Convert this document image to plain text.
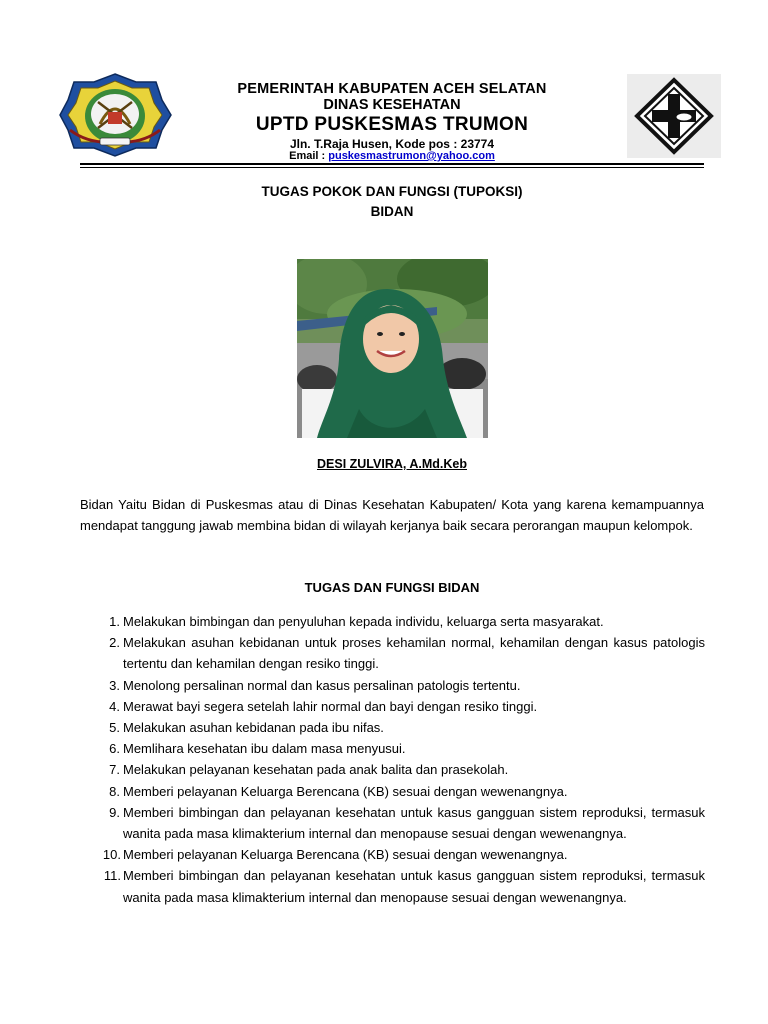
PEMERINTAH KABUPATEN ACEH SELATAN
DINAS KESEHATAN
UPTD PUSKESMAS TRUMON
Jln. T.Raja Husen, Kode pos : 23774
Email : puskesmastrumon@yahoo.com
TUGAS POKOK DAN FUNGSI (TUPOKSI)
BIDAN
DESI ZULVIRA, A.Md.Keb
Bidan Yaitu Bidan di Puskesmas atau di Dinas Kesehatan Kabupaten/ Kota yang karena kemampuannya mendapat tanggung jawab membina bidan di wilayah kerjanya baik secara perorangan maupun kelompok.
TUGAS DAN FUNGSI BIDAN
1. Melakukan bimbingan dan penyuluhan kepada individu, keluarga serta masyarakat.
2. Melakukan asuhan kebidanan untuk proses kehamilan normal, kehamilan dengan kasus patologis tertentu dan kehamilan dengan resiko tinggi.
3. Menolong persalinan normal dan kasus persalinan patologis tertentu.
4. Merawat bayi segera setelah lahir normal dan bayi dengan resiko tinggi.
5. Melakukan asuhan kebidanan pada ibu nifas.
6. Memlihara kesehatan ibu dalam masa menyusui.
7. Melakukan pelayanan kesehatan pada anak balita dan prasekolah.
8. Memberi pelayanan Keluarga Berencana (KB) sesuai dengan wewenangnya.
9. Memberi bimbingan dan pelayanan kesehatan untuk kasus gangguan sistem reproduksi, termasuk wanita pada masa klimakterium internal dan menopause sesuai dengan wewenangnya.
10. Memberi pelayanan Keluarga Berencana (KB) sesuai dengan wewenangnya.
11. Memberi bimbingan dan pelayanan kesehatan untuk kasus gangguan sistem reproduksi, termasuk wanita pada masa klimakterium internal dan menopause sesuai dengan wewenangnya.
